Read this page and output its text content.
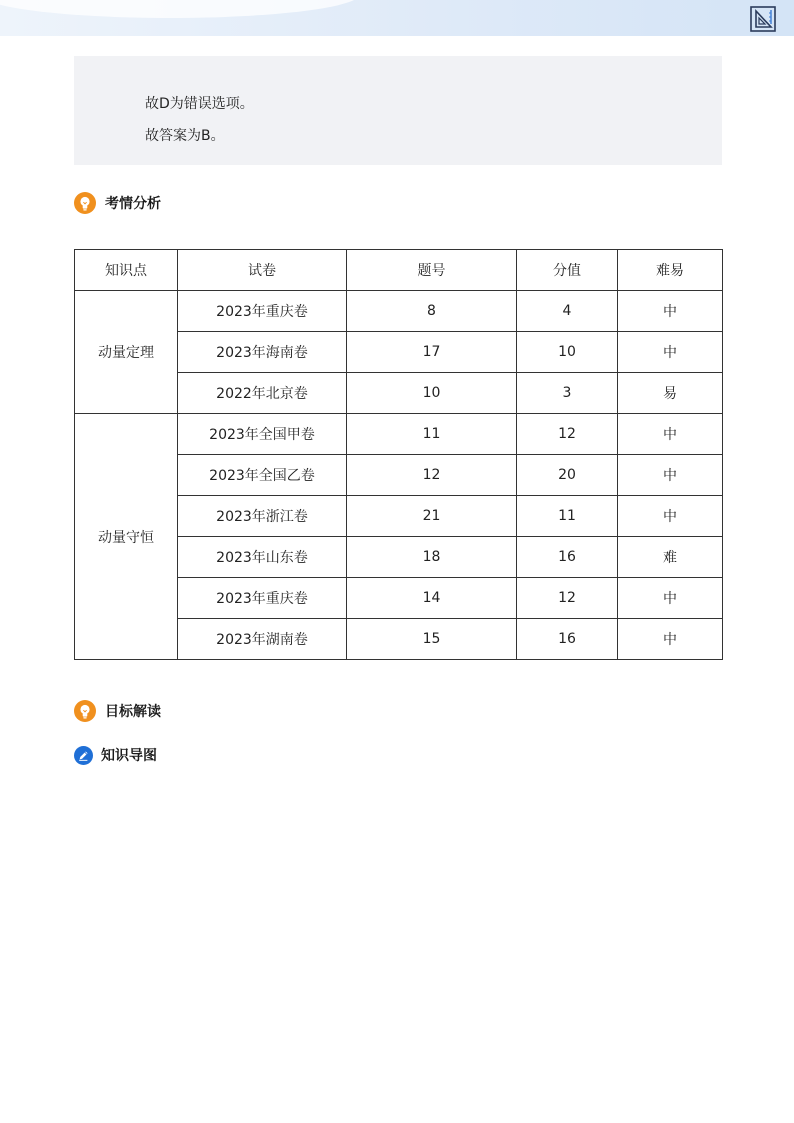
故D为错误选项。
故答案为B。
考情分析
知识点	试卷	题号	分值	难易
动量定理	2023年重庆卷	8	4	中
	2023年海南卷	17	10	中
	2022年北京卷	10	3	易
动量守恒	2023年全国甲卷	11	12	中
	2023年全国乙卷	12	20	中
	2023年浙江卷	21	11	中
	2023年山东卷	18	16	难
	2023年重庆卷	14	12	中
	2023年湖南卷	15	16	中
目标解读
知识导图
